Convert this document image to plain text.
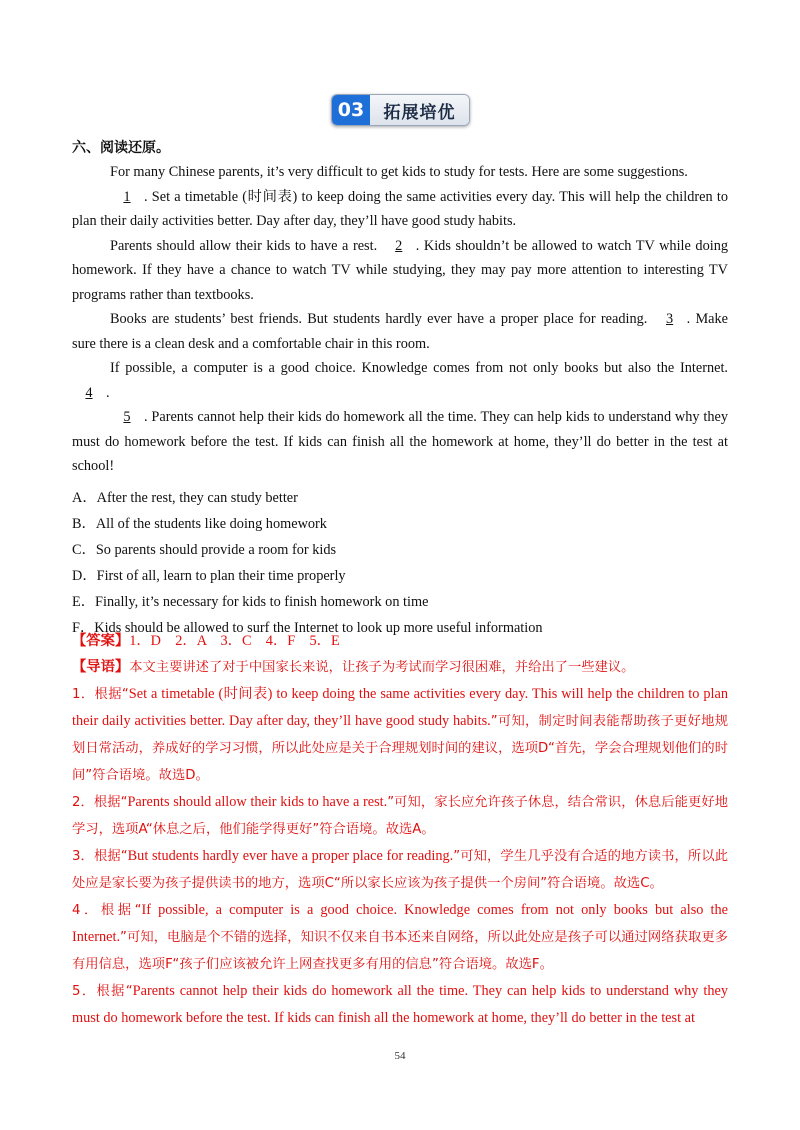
03	拓展培优
六、阅读还原。

For many Chinese parents, it’s very difficult to get kids to study for tests. Here are some suggestions.

1 . Set a timetable (时间表) to keep doing the same activities every day. This will help the children to plan their daily activities better. Day after day, they’ll have good study habits.

Parents should allow their kids to have a rest. 2 . Kids shouldn’t be allowed to watch TV while doing homework. If they have a chance to watch TV while studying, they may pay more attention to interesting TV programs rather than textbooks.

Books are students’ best friends. But students hardly ever have a proper place for reading. 3 . Make sure there is a clean desk and a comfortable chair in this room.

If possible, a computer is a good choice. Knowledge comes from not only books but also the Internet. 4 .

5 . Parents cannot help their kids do homework all the time. They can help kids to understand why they must do homework before the test. If kids can finish all the homework at home, they’ll do better in the test at school!

A．After the rest, they can study better
B．All of the students like doing homework
C．So parents should provide a room for kids
D．First of all, learn to plan their time properly
E．Finally, it’s necessary for kids to finish homework on time
F．Kids should be allowed to surf the Internet to look up more useful information
【答案】1．D　2．A　3．C　4．F　5．E
【导语】本文主要讲述了对于中国家长来说，让孩子为考试而学习很困难，并给出了一些建议。

1．根据“Set a timetable (时间表) to keep doing the same activities every day. This will help the children to plan their daily activities better. Day after day, they’ll have good study habits.”可知，制定时间表能帮助孩子更好地规划日常活动，养成好的学习习惯，所以此处应是关于合理规划时间的建议，选项D“首先，学会合理规划他们的时间”符合语境。故选D。

2．根据“Parents should allow their kids to have a rest.”可知，家长应允许孩子休息，结合常识，休息后能更好地学习，选项A“休息之后，他们能学得更好”符合语境。故选A。

3．根据“But students hardly ever have a proper place for reading.”可知，学生几乎没有合适的地方读书，所以此处应是家长要为孩子提供读书的地方，选项C“所以家长应该为孩子提供一个房间”符合语境。故选C。

4．根据“If possible, a computer is a good choice. Knowledge comes from not only books but also the Internet.”可知，电脑是个不错的选择，知识不仅来自书本还来自网络，所以此处应是孩子可以通过网络获取更多有用信息，选项F“孩子们应该被允许上网查找更多有用的信息”符合语境。故选F。

5．根据“Parents cannot help their kids do homework all the time. They can help kids to understand why they must do homework before the test. If kids can finish all the homework at home, they’ll do better in the test at

54
